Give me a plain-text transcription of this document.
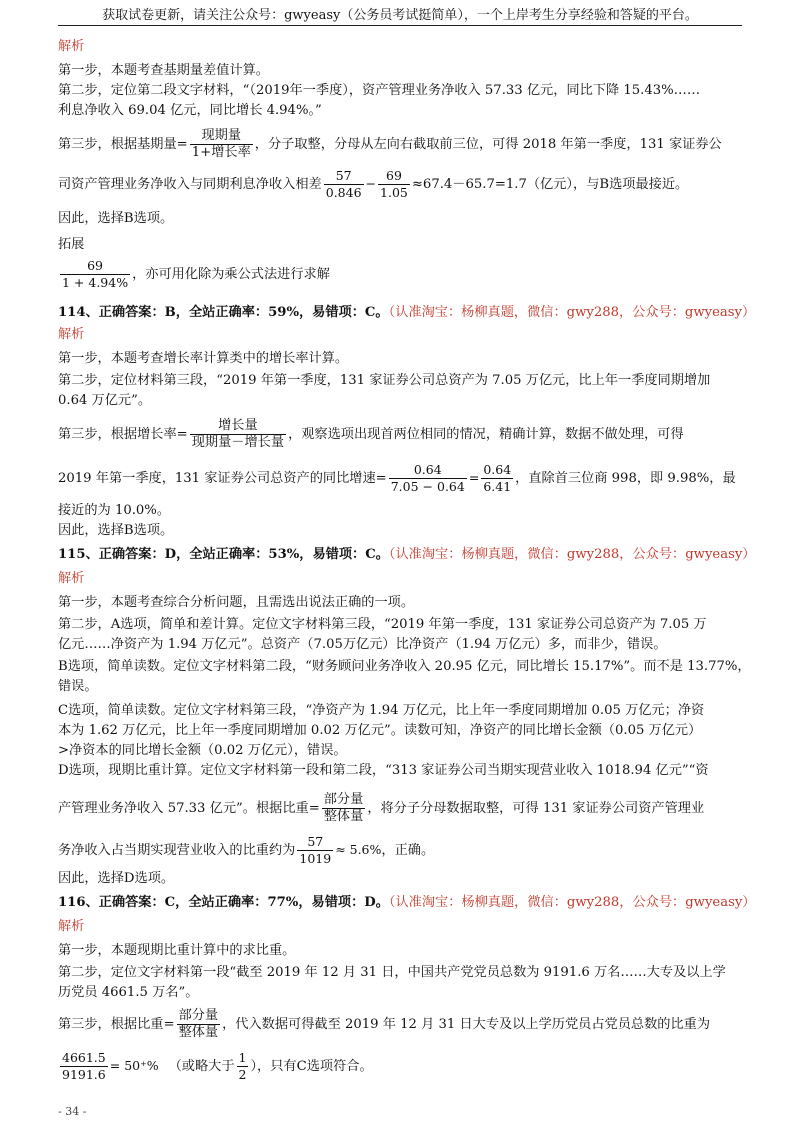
获取试卷更新，请关注公众号：gwyeasy（公务员考试挺简单），一个上岸考生分享经验和答疑的平台。
解析
第一步，本题考查基期量差值计算。
第二步，定位第二段文字材料，“（2019年一季度），资产管理业务净收入 57.33 亿元，同比下降 15.43%……
利息净收入 69.04 亿元，同比增长 4.94%。”
第三步，根据基期量= $\frac{\text{现期量}}{\text{1+增长率}}$ ，分子取整，分母从左向右截取前三位，可得 2018 年第一季度，131 家证券公
司资产管理业务净收入与同期利息净收入相差 $\frac{57}{0.846} - \frac{69}{1.05} \approx 67.4-65.7=1.7$（亿元），与B选项最接近。
因此，选择B选项。
拓展
$\frac{69}{1 + 4.94\%}$ ，亦可用化除为乘公式法进行求解
114、正确答案：B，全站正确率：59%，易错项：C。（认准淘宝：杨柳真题，微信：gwy288，公众号：gwyeasy）
解析
第一步，本题考查增长率计算类中的增长率计算。
第二步，定位材料第三段，“2019 年第一季度，131 家证券公司总资产为 7.05 万亿元，比上年一季度同期增加
0.64 万亿元”。
第三步，根据增长率= $\frac{\text{增长量}}{\text{现期量－增长量}}$ ，观察选项出现首两位相同的情况，精确计算，数据不做处理，可得
2019 年第一季度，131 家证券公司总资产的同比增速= $\frac{0.64}{7.05 - 0.64} = \frac{0.64}{6.41}$ ，直除首三位商 998，即 9.98%，最
接近的为 10.0%。
因此，选择B选项。
115、正确答案：D，全站正确率：53%，易错项：C。（认准淘宝：杨柳真题，微信：gwy288，公众号：gwyeasy）
解析
第一步，本题考查综合分析问题，且需选出说法正确的一项。
第二步，A选项，简单和差计算。定位文字材料第三段，“2019 年第一季度，131 家证券公司总资产为 7.05 万
亿元……净资产为 1.94 万亿元”。总资产（7.05万亿元）比净资产（1.94 万亿元）多，而非少，错误。
B选项，简单读数。定位文字材料第二段，“财务顾问业务净收入 20.95 亿元，同比增长 15.17%”。而不是 13.77%，
错误。
C选项，简单读数。定位文字材料第三段，“净资产为 1.94 万亿元，比上年一季度同期增加 0.05 万亿元；净资
本为 1.62 万亿元，比上年一季度同期增加 0.02 万亿元”。读数可知，净资产的同比增长金额（0.05 万亿元）
>净资本的同比增长金额（0.02 万亿元），错误。
D选项，现期比重计算。定位文字材料第一段和第二段，“313 家证券公司当期实现营业收入 1018.94 亿元”“资
产管理业务净收入 57.33 亿元”。根据比重= $\frac{\text{部分量}}{\text{整体量}}$ ，将分子分母数据取整，可得 131 家证券公司资产管理业
务净收入占当期实现营业收入的比重约为 $\frac{57}{1019} \approx 5.6\%$，正确。
因此，选择D选项。
116、正确答案：C，全站正确率：77%，易错项：D。（认准淘宝：杨柳真题，微信：gwy288，公众号：gwyeasy）
解析
第一步，本题现期比重计算中的求比重。
第二步，定位文字材料第一段“截至 2019 年 12 月 31 日，中国共产党党员总数为 9191.6 万名……大专及以上学
历党员 4661.5 万名”。
第三步，根据比重= $\frac{\text{部分量}}{\text{整体量}}$ ，代入数据可得截至 2019 年 12 月 31 日大专及以上学历党员占党员总数的比重为
$\frac{4661.5}{9191.6} = 50^+\%$ （或略大于 $\frac{1}{2}$ ），只有C选项符合。
- 34 -
